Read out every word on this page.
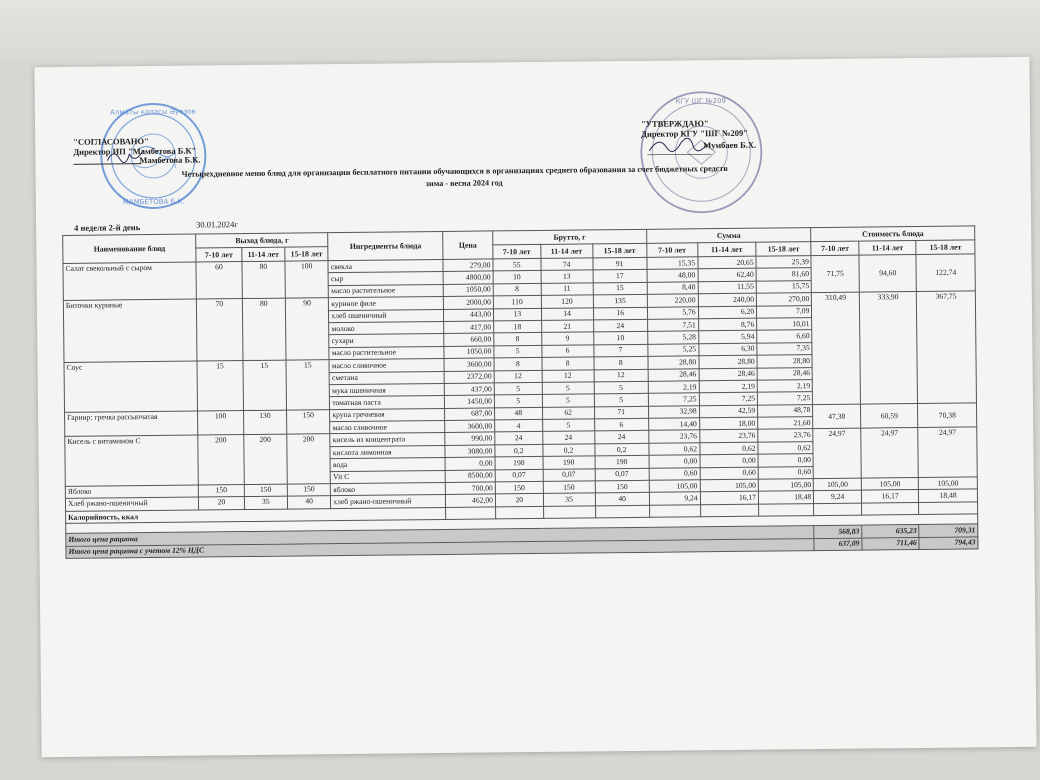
Алматы қаласы Әуезов
МАМБЕТОВА Б.К.
"СОГЛАСОВАНО"
Директор ИП "Мамбетова Б.К"
Мамбетова Б.К.
КГУ ШГ №209
"УТВЕРЖДАЮ"
Директор КГУ "ШГ №209"
Мумбаев Б.Х.
Четырехдневное меню блюд для организации бесплатного питании обучающихся в организациях среднего образования за счет бюджетных средств
зима - весна 2024 год
4 неделя 2-й день	30.01.2024г
Наименование блюд	Выход блюда, г			Ингредиенты блюда	Цена	Брутто, г			Сумма			Стоимость блюда		
	7-10 лет	11-14 лет	15-18 лет			7-10 лет	11-14 лет	15-18 лет	7-10 лет	11-14 лет	15-18 лет	7-10 лет	11-14 лет	15-18 лет
Салат свекольный с сыром	60	80	100	свекла	279,00	55	74	91	15,35	20,65	25,39	71,75	94,60	122,74
				сыр	4800,00	10	13	17	48,00	62,40	81,60			
				масло растительное	1050,00	8	11	15	8,40	11,55	15,75			
Биточки куриные	70	80	90	куриное филе	2000,00	110	120	135	220,00	240,00	270,00	310,49	333,90	367,75
				хлеб пшеничный	443,00	13	14	16	5,76	6,20	7,09			
				молоко	417,00	18	21	24	7,51	8,76	10,01			
				сухари	660,00	8	9	10	5,28	5,94	6,60			
				масло растительное	1050,00	5	6	7	5,25	6,30	7,35			
Соус	15	15	15	масло сливочное	3600,00	8	8	8	28,80	28,80	28,80			
				сметана	2372,00	12	12	12	28,46	28,46	28,46			
				мука пшеничная	437,00	5	5	5	2,19	2,19	2,19			
				томатная паста	1450,00	5	5	5	7,25	7,25	7,25			
Гарнир: гречка рассыпчатая	100	130	150	крупа гречневая	687,00	48	62	71	32,98	42,59	48,78	47,38	60,59	70,38
				масло сливочное	3600,00	4	5	6	14,40	18,00	21,60			
Кисель с витамином С	200	200	200	кисель из концентрата	990,00	24	24	24	23,76	23,76	23,76	24,97	24,97	24,97
				кислота лимонная	3080,00	0,2	0,2	0,2	0,62	0,62	0,62			
				вода	0,00	190	190	190	0,00	0,00	0,00			
				Vit C	8500,00	0,07	0,07	0,07	0,60	0,60	0,60			
Яблоко	150	150	150	яблоко	700,00	150	150	150	105,00	105,00	105,00	105,00	105,00	105,00
Хлеб ржано-пшеничный	20	35	40	хлеб ржано-пшеничный	462,00	20	35	40	9,24	16,17	18,48	9,24	16,17	18,48
Калорийность, ккал														

Итого цена рациона												568,83	635,23	709,31
Итого цена рациона с учетом 12% НДС												637,09	711,46	794,43
